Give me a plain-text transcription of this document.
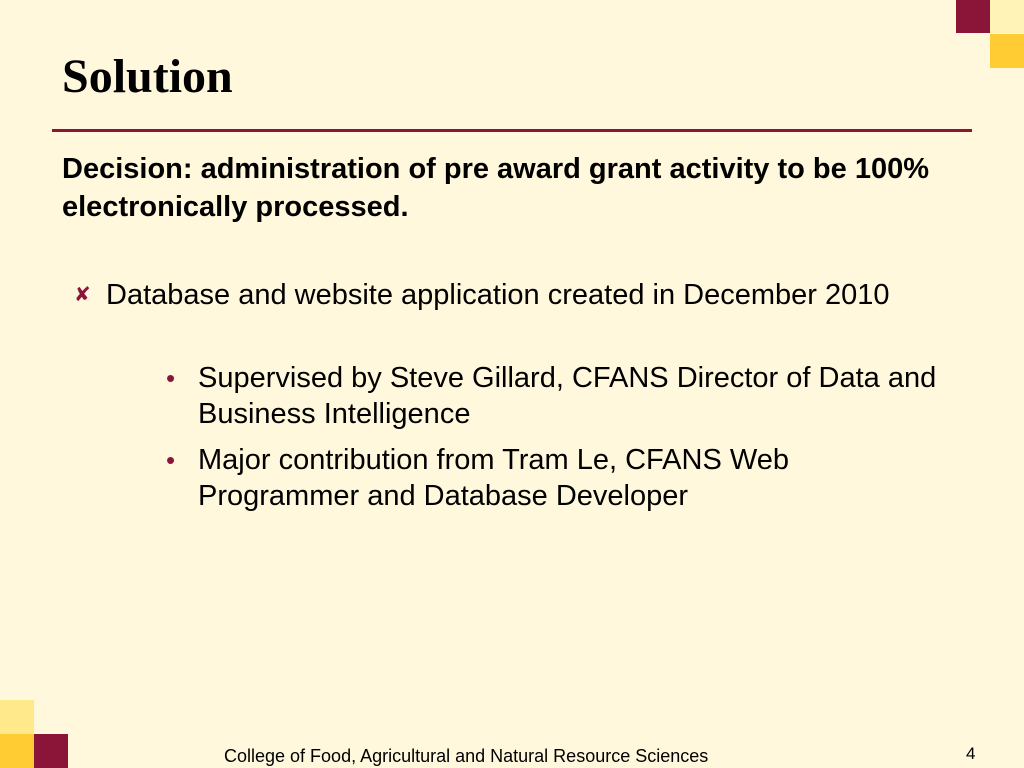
Solution
Decision: administration of pre award grant activity to be 100% electronically processed.
✘ Database and website application created in December 2010
• Supervised by Steve Gillard, CFANS Director of Data and Business Intelligence
• Major contribution from Tram Le, CFANS Web Programmer and Database Developer
College of Food, Agricultural and Natural Resource Sciences	4
